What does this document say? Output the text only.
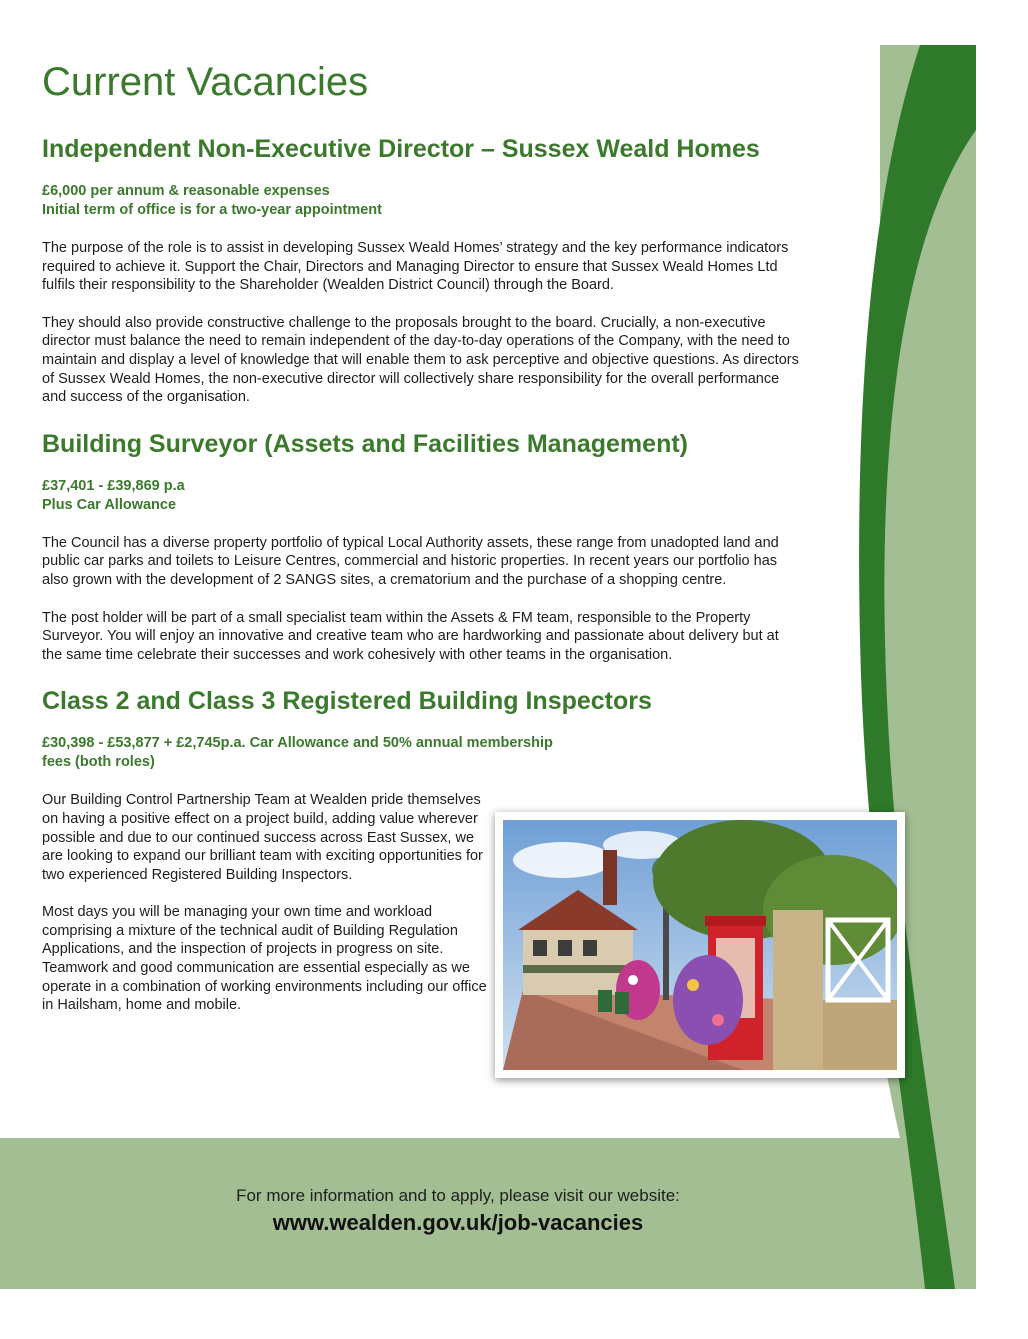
Current Vacancies
Independent Non-Executive Director – Sussex Weald Homes
£6,000 per annum & reasonable expenses
Initial term of office is for a two-year appointment

The purpose of the role is to assist in developing Sussex Weald Homes’ strategy and the key performance indicators required to achieve it. Support the Chair, Directors and Managing Director to ensure that Sussex Weald Homes Ltd fulfils their responsibility to the Shareholder (Wealden District Council) through the Board.

They should also provide constructive challenge to the proposals brought to the board. Crucially, a non-executive director must balance the need to remain independent of the day-to-day operations of the Company, with the need to maintain and display a level of knowledge that will enable them to ask perceptive and objective questions. As directors of Sussex Weald Homes, the non-executive director will collectively share responsibility for the overall performance and success of the organisation.

Building Surveyor (Assets and Facilities Management)
£37,401 - £39,869 p.a
Plus Car Allowance

The Council has a diverse property portfolio of typical Local Authority assets, these range from unadopted land and public car parks and toilets to Leisure Centres, commercial and historic properties. In recent years our portfolio has also grown with the development of 2 SANGS sites, a crematorium and the purchase of a shopping centre.

The post holder will be part of a small specialist team within the Assets & FM team, responsible to the Property Surveyor. You will enjoy an innovative and creative team who are hardworking and passionate about delivery but at the same time celebrate their successes and work cohesively with other teams in the organisation.

Class 2 and Class 3 Registered Building Inspectors
£30,398 - £53,877 + £2,745p.a. Car Allowance and 50% annual membership
fees (both roles)

Our Building Control Partnership Team at Wealden pride themselves on having a positive effect on a project build, adding value wherever possible and due to our continued success across East Sussex, we are looking to expand our brilliant team with exciting opportunities for two experienced Registered Building Inspectors.

Most days you will be managing your own time and workload comprising a mixture of the technical audit of Building Regulation Applications, and the inspection of projects in progress on site. Teamwork and good communication are essential especially as we operate in a combination of working environments including our office in Hailsham, home and mobile.

For more information and to apply, please visit our website:
www.wealden.gov.uk/job-vacancies
